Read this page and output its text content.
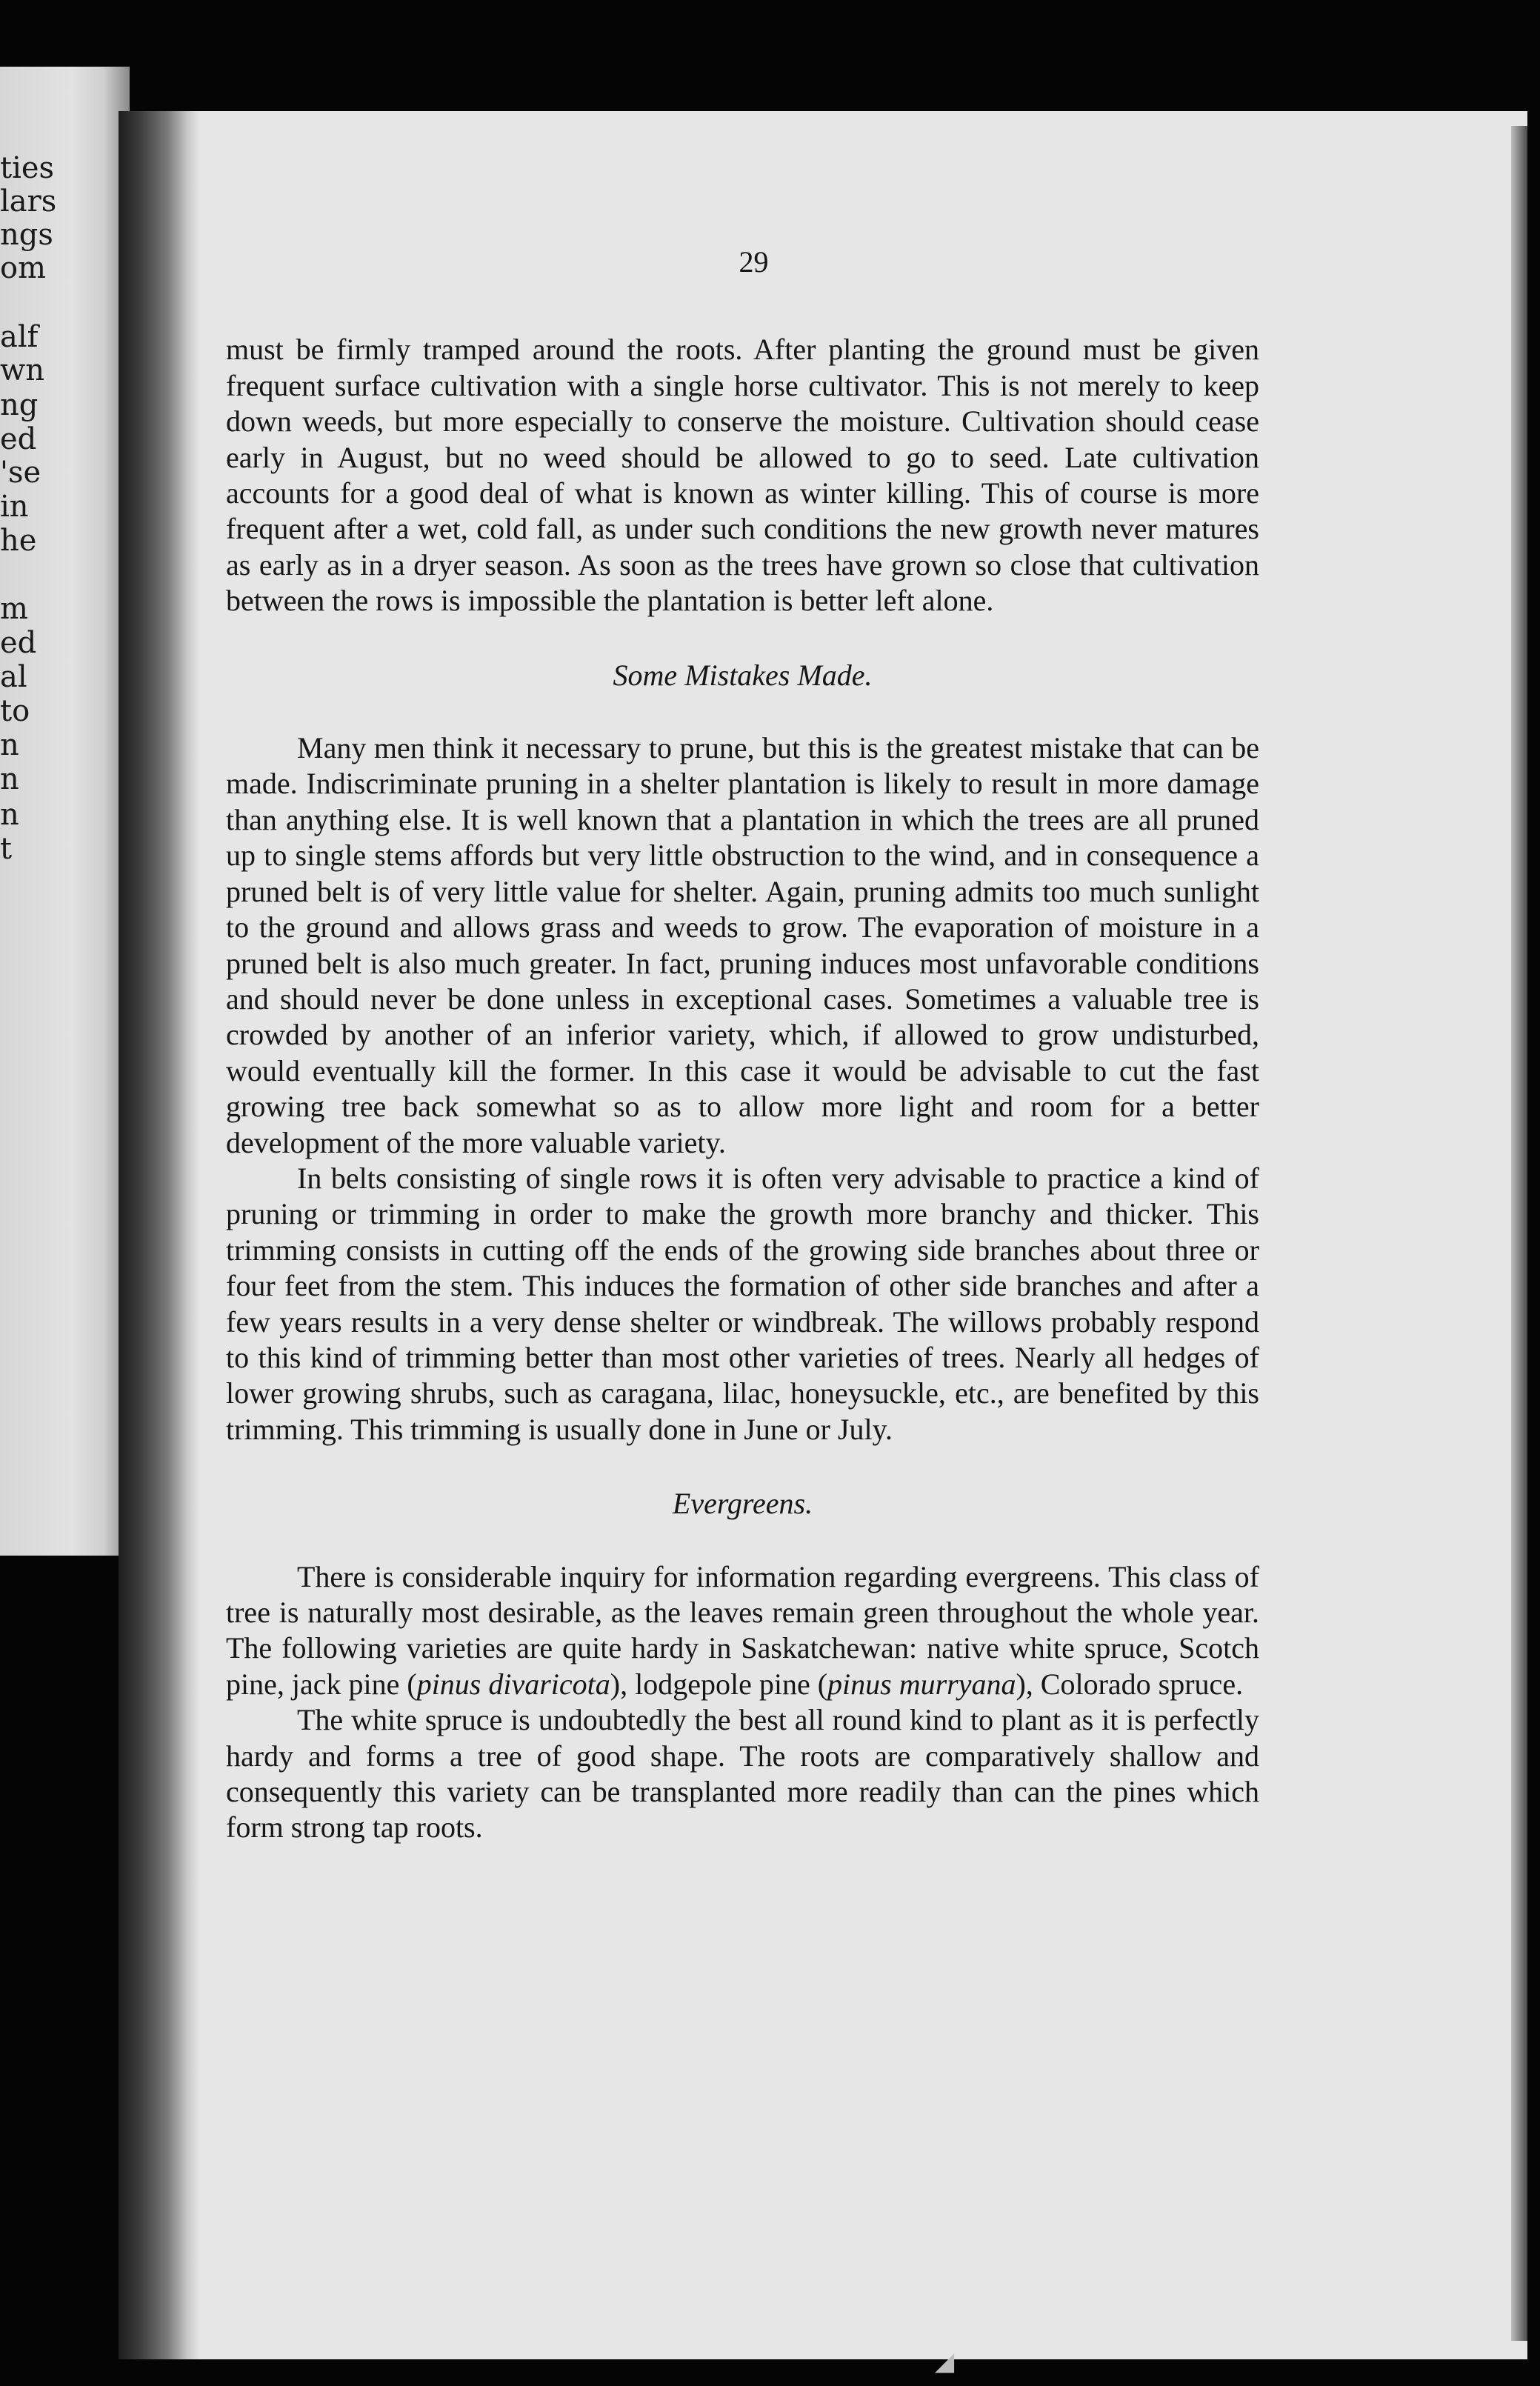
ties
lars
ngs
om
alf
wn
ng
ed
'se
in
he
m
ed
al
to
n
n
n
t
29

must be firmly tramped around the roots. After planting the ground must be given frequent surface cultivation with a single horse cultivator. This is not merely to keep down weeds, but more especially to conserve the moisture. Cultivation should cease early in August, but no weed should be allowed to go to seed. Late cultivation accounts for a good deal of what is known as winter killing. This of course is more frequent after a wet, cold fall, as under such conditions the new growth never matures as early as in a dryer season. As soon as the trees have grown so close that cultivation between the rows is impossible the plantation is better left alone.

Some Mistakes Made.

Many men think it necessary to prune, but this is the greatest mistake that can be made. Indiscriminate pruning in a shelter plantation is likely to result in more damage than anything else. It is well known that a plantation in which the trees are all pruned up to single stems affords but very little obstruction to the wind, and in consequence a pruned belt is of very little value for shelter. Again, pruning admits too much sunlight to the ground and allows grass and weeds to grow. The evaporation of moisture in a pruned belt is also much greater. In fact, pruning induces most unfavorable conditions and should never be done unless in exceptional cases. Sometimes a valuable tree is crowded by another of an inferior variety, which, if allowed to grow undisturbed, would eventually kill the former. In this case it would be advisable to cut the fast growing tree back somewhat so as to allow more light and room for a better development of the more valuable variety.

In belts consisting of single rows it is often very advisable to practice a kind of pruning or trimming in order to make the growth more branchy and thicker. This trimming consists in cutting off the ends of the growing side branches about three or four feet from the stem. This induces the formation of other side branches and after a few years results in a very dense shelter or windbreak. The willows probably respond to this kind of trimming better than most other varieties of trees. Nearly all hedges of lower growing shrubs, such as caragana, lilac, honeysuckle, etc., are benefited by this trimming. This trimming is usually done in June or July.

Evergreens.

There is considerable inquiry for information regarding evergreens. This class of tree is naturally most desirable, as the leaves remain green throughout the whole year. The following varieties are quite hardy in Saskatchewan: native white spruce, Scotch pine, jack pine (pinus divaricota), lodgepole pine (pinus murryana), Colorado spruce.

The white spruce is undoubtedly the best all round kind to plant as it is perfectly hardy and forms a tree of good shape. The roots are comparatively shallow and consequently this variety can be transplanted more readily than can the pines which form strong tap roots.

◢
